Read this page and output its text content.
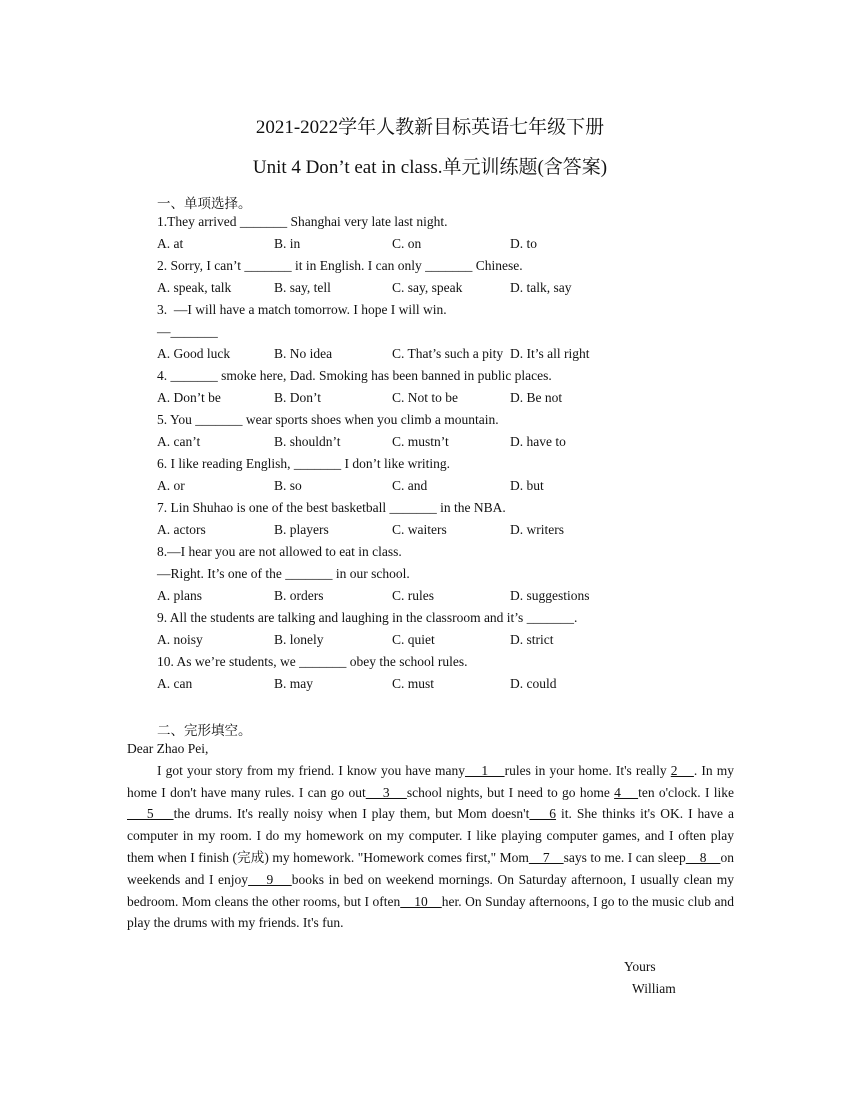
2021-2022学年人教新目标英语七年级下册
Unit 4 Don’t eat in class.单元训练题(含答案)
一、单项选择。
1.They arrived _______ Shanghai very late last night.
A. at	B. in	C. on	D. to
2. Sorry, I can’t _______ it in English. I can only _______ Chinese.
A. speak, talk	B. say, tell	C. say, speak	D. talk, say
3.  —I will have a match tomorrow. I hope I will win.
—_______
A. Good luck	B. No idea	C. That’s such a pity D. It’s all right
4. _______ smoke here, Dad. Smoking has been banned in public places.
A. Don’t be	B. Don’t	C. Not to be	D. Be not
5. You _______ wear sports shoes when you climb a mountain.
A. can’t	B. shouldn’t	C. mustn’t	D. have to
6. I like reading English, _______ I don’t like writing.
A. or	B. so	C. and	D. but
7. Lin Shuhao is one of the best basketball _______ in the NBA.
A. actors	B. players	C. waiters	D. writers
8.—I hear you are not allowed to eat in class.
—Right. It’s one of the _______ in our school.
A. plans	B. orders	C. rules	D. suggestions
9. All the students are talking and laughing in the classroom and it’s _______.
A. noisy	B. lonely	C. quiet	D. strict
10. As we’re students, we _______ obey the school rules.
A. can	B. may	C. must	D. could
二、完形填空。

Dear Zhao Pei,

I got your story from my friend. I know you have many    1    rules in your home. It's really 2    . In my home I don't have many rules. I can go out    3    school nights, but I need to go home 4    ten o'clock. I like    5    the drums. It's really noisy when I play them, but Mom doesn't    6 it. She thinks it's OK. I have a computer in my room. I do my homework on my computer. I like playing computer games, and I often play them when I finish (完成) my homework. "Homework comes first," Mom    7    says to me. I can sleep    8    on weekends and I enjoy    9    books in bed on weekend mornings. On Saturday afternoon, I usually clean my bedroom. Mom cleans the other rooms, but I often    10    her. On Sunday afternoons, I go to the music club and play the drums with my friends. It's fun.

Yours
William
